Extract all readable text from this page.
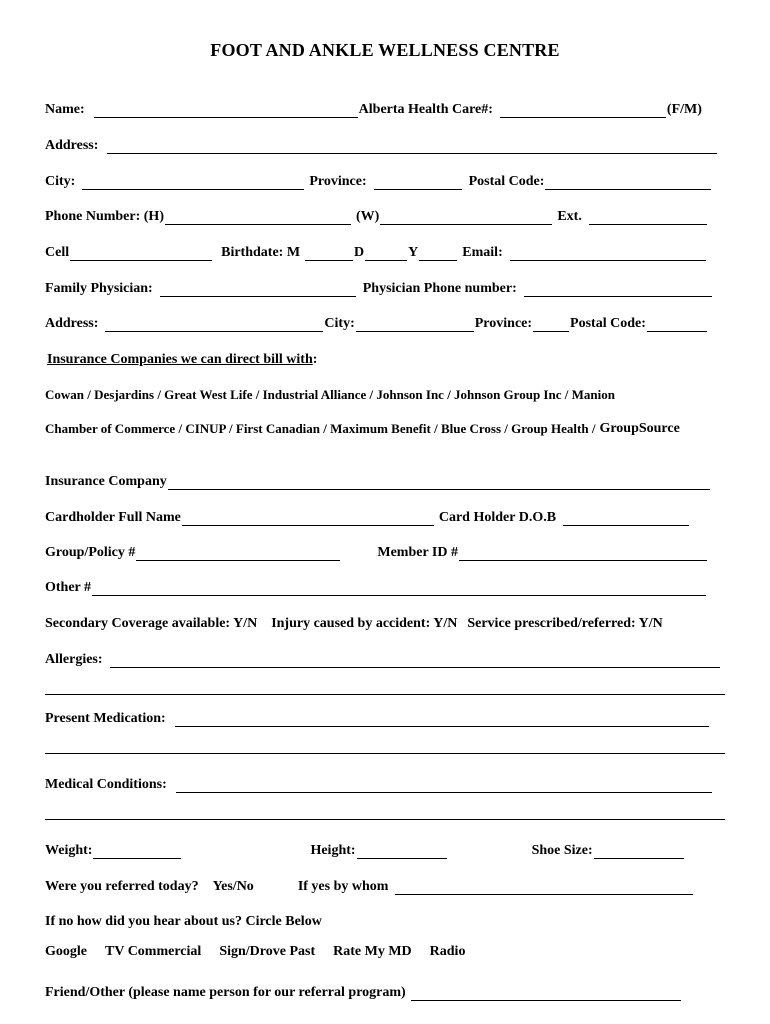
FOOT AND ANKLE WELLNESS CENTRE
Name:	Alberta Health Care#:	(F/M)
Address:
City:	Province:	Postal Code:
Phone Number: (H)	(W)	Ext.
Cell	Birthdate: M	D	Y	Email:
Family Physician:	Physician Phone number:
Address:	City:	Province:	Postal Code:
Insurance Companies we can direct bill with :
Cowan / Desjardins / Great West Life / Industrial Alliance / Johnson Inc / Johnson Group Inc / Manion
Chamber of Commerce / CINUP / First Canadian / Maximum Benefit / Blue Cross / Group Health / GroupSource
Insurance Company
Cardholder Full Name	Card Holder D.O.B
Group/Policy #	Member ID #
Other #
Secondary Coverage available: Y/N Injury caused by accident: Y/N Service prescribed/referred: Y/N
Allergies:
Present Medication:
Medical Conditions:
Weight:	Height:	Shoe Size:
Were you referred today? Yes/No	If yes by whom
If no how did you hear about us? Circle Below
Google TV Commercial Sign/Drove Past Rate My MD Radio
Friend/Other (please name person for our referral program)
